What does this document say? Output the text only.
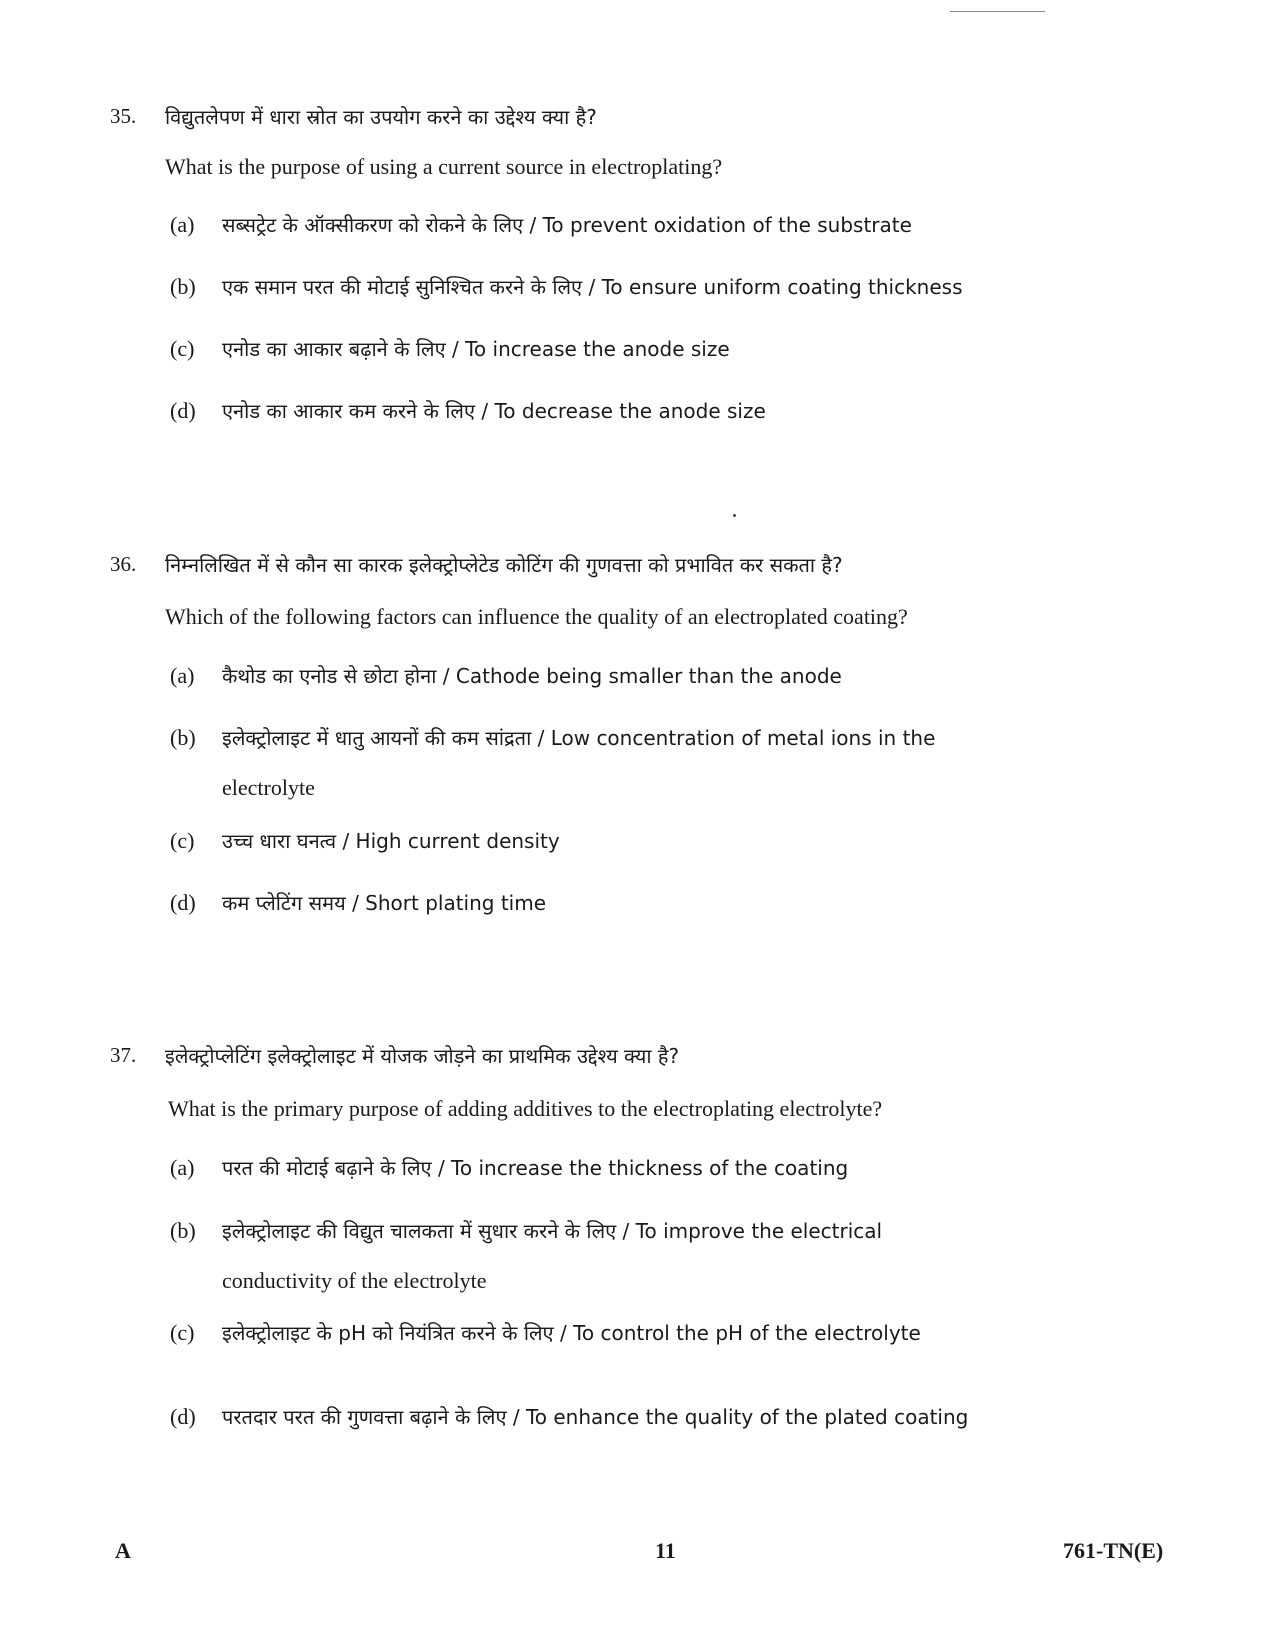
35. विद्युतलेपण में धारा स्रोत का उपयोग करने का उद्देश्य क्या है?
What is the purpose of using a current source in electroplating?
(a) सब्सट्रेट के ऑक्सीकरण को रोकने के लिए / To prevent oxidation of the substrate
(b) एक समान परत की मोटाई सुनिश्चित करने के लिए / To ensure uniform coating thickness
(c) एनोड का आकार बढ़ाने के लिए / To increase the anode size
(d) एनोड का आकार कम करने के लिए / To decrease the anode size
36. निम्नलिखित में से कौन सा कारक इलेक्ट्रोप्लेटेड कोटिंग की गुणवत्ता को प्रभावित कर सकता है?
Which of the following factors can influence the quality of an electroplated coating?
(a) कैथोड का एनोड से छोटा होना / Cathode being smaller than the anode
(b) इलेक्ट्रोलाइट में धातु आयनों की कम सांद्रता / Low concentration of metal ions in the
electrolyte
(c) उच्च धारा घनत्व / High current density
(d) कम प्लेटिंग समय / Short plating time
37. इलेक्ट्रोप्लेटिंग इलेक्ट्रोलाइट में योजक जोड़ने का प्राथमिक उद्देश्य क्या है?
What is the primary purpose of adding additives to the electroplating electrolyte?
(a) परत की मोटाई बढ़ाने के लिए / To increase the thickness of the coating
(b) इलेक्ट्रोलाइट की विद्युत चालकता में सुधार करने के लिए / To improve the electrical
conductivity of the electrolyte
(c) इलेक्ट्रोलाइट के pH को नियंत्रित करने के लिए / To control the pH of the electrolyte
(d) परतदार परत की गुणवत्ता बढ़ाने के लिए / To enhance the quality of the plated coating
A	11	761-TN(E)
